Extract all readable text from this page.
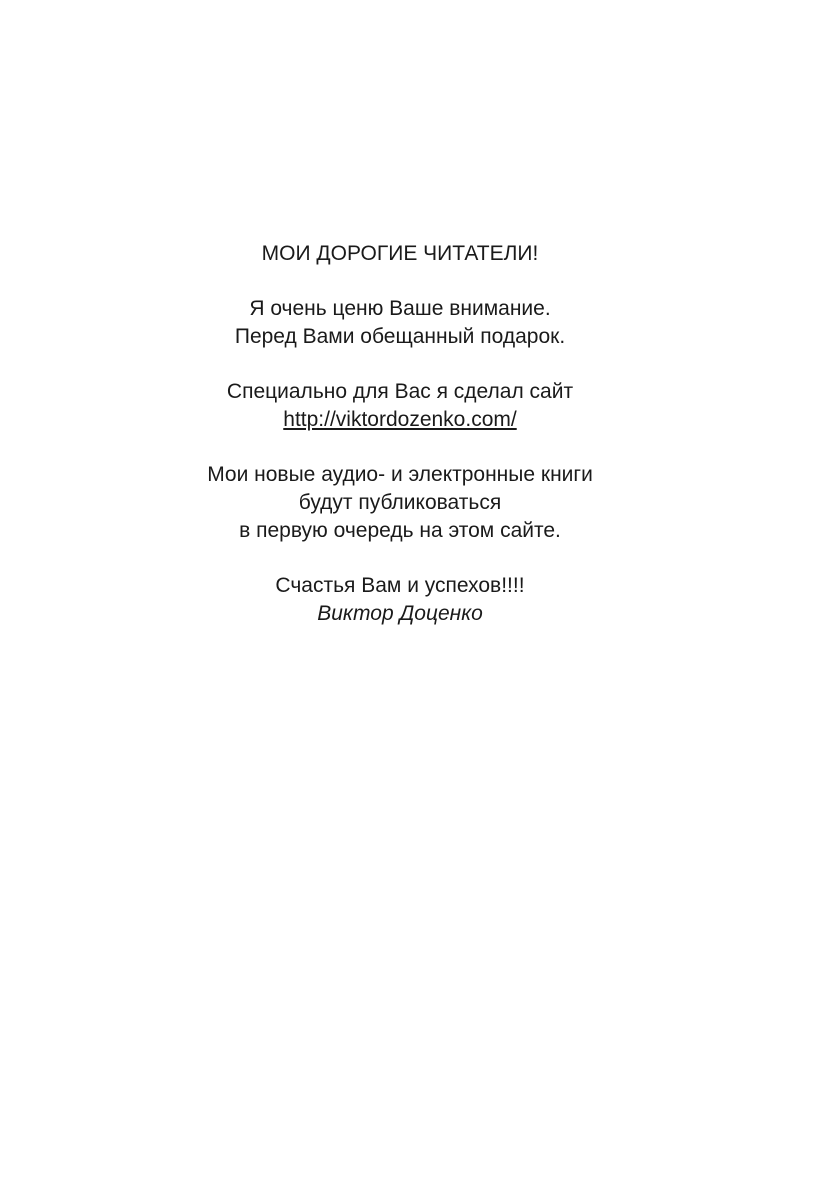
МОИ ДОРОГИЕ ЧИТАТЕЛИ!
Я очень ценю Ваше внимание.
Перед Вами обещанный подарок.
Специально для Вас я сделал сайт
http://viktordozenko.com/
Мои новые аудио- и электронные книги
будут публиковаться
в первую очередь на этом сайте.
Счастья Вам и успехов!!!!
Виктор Доценко
